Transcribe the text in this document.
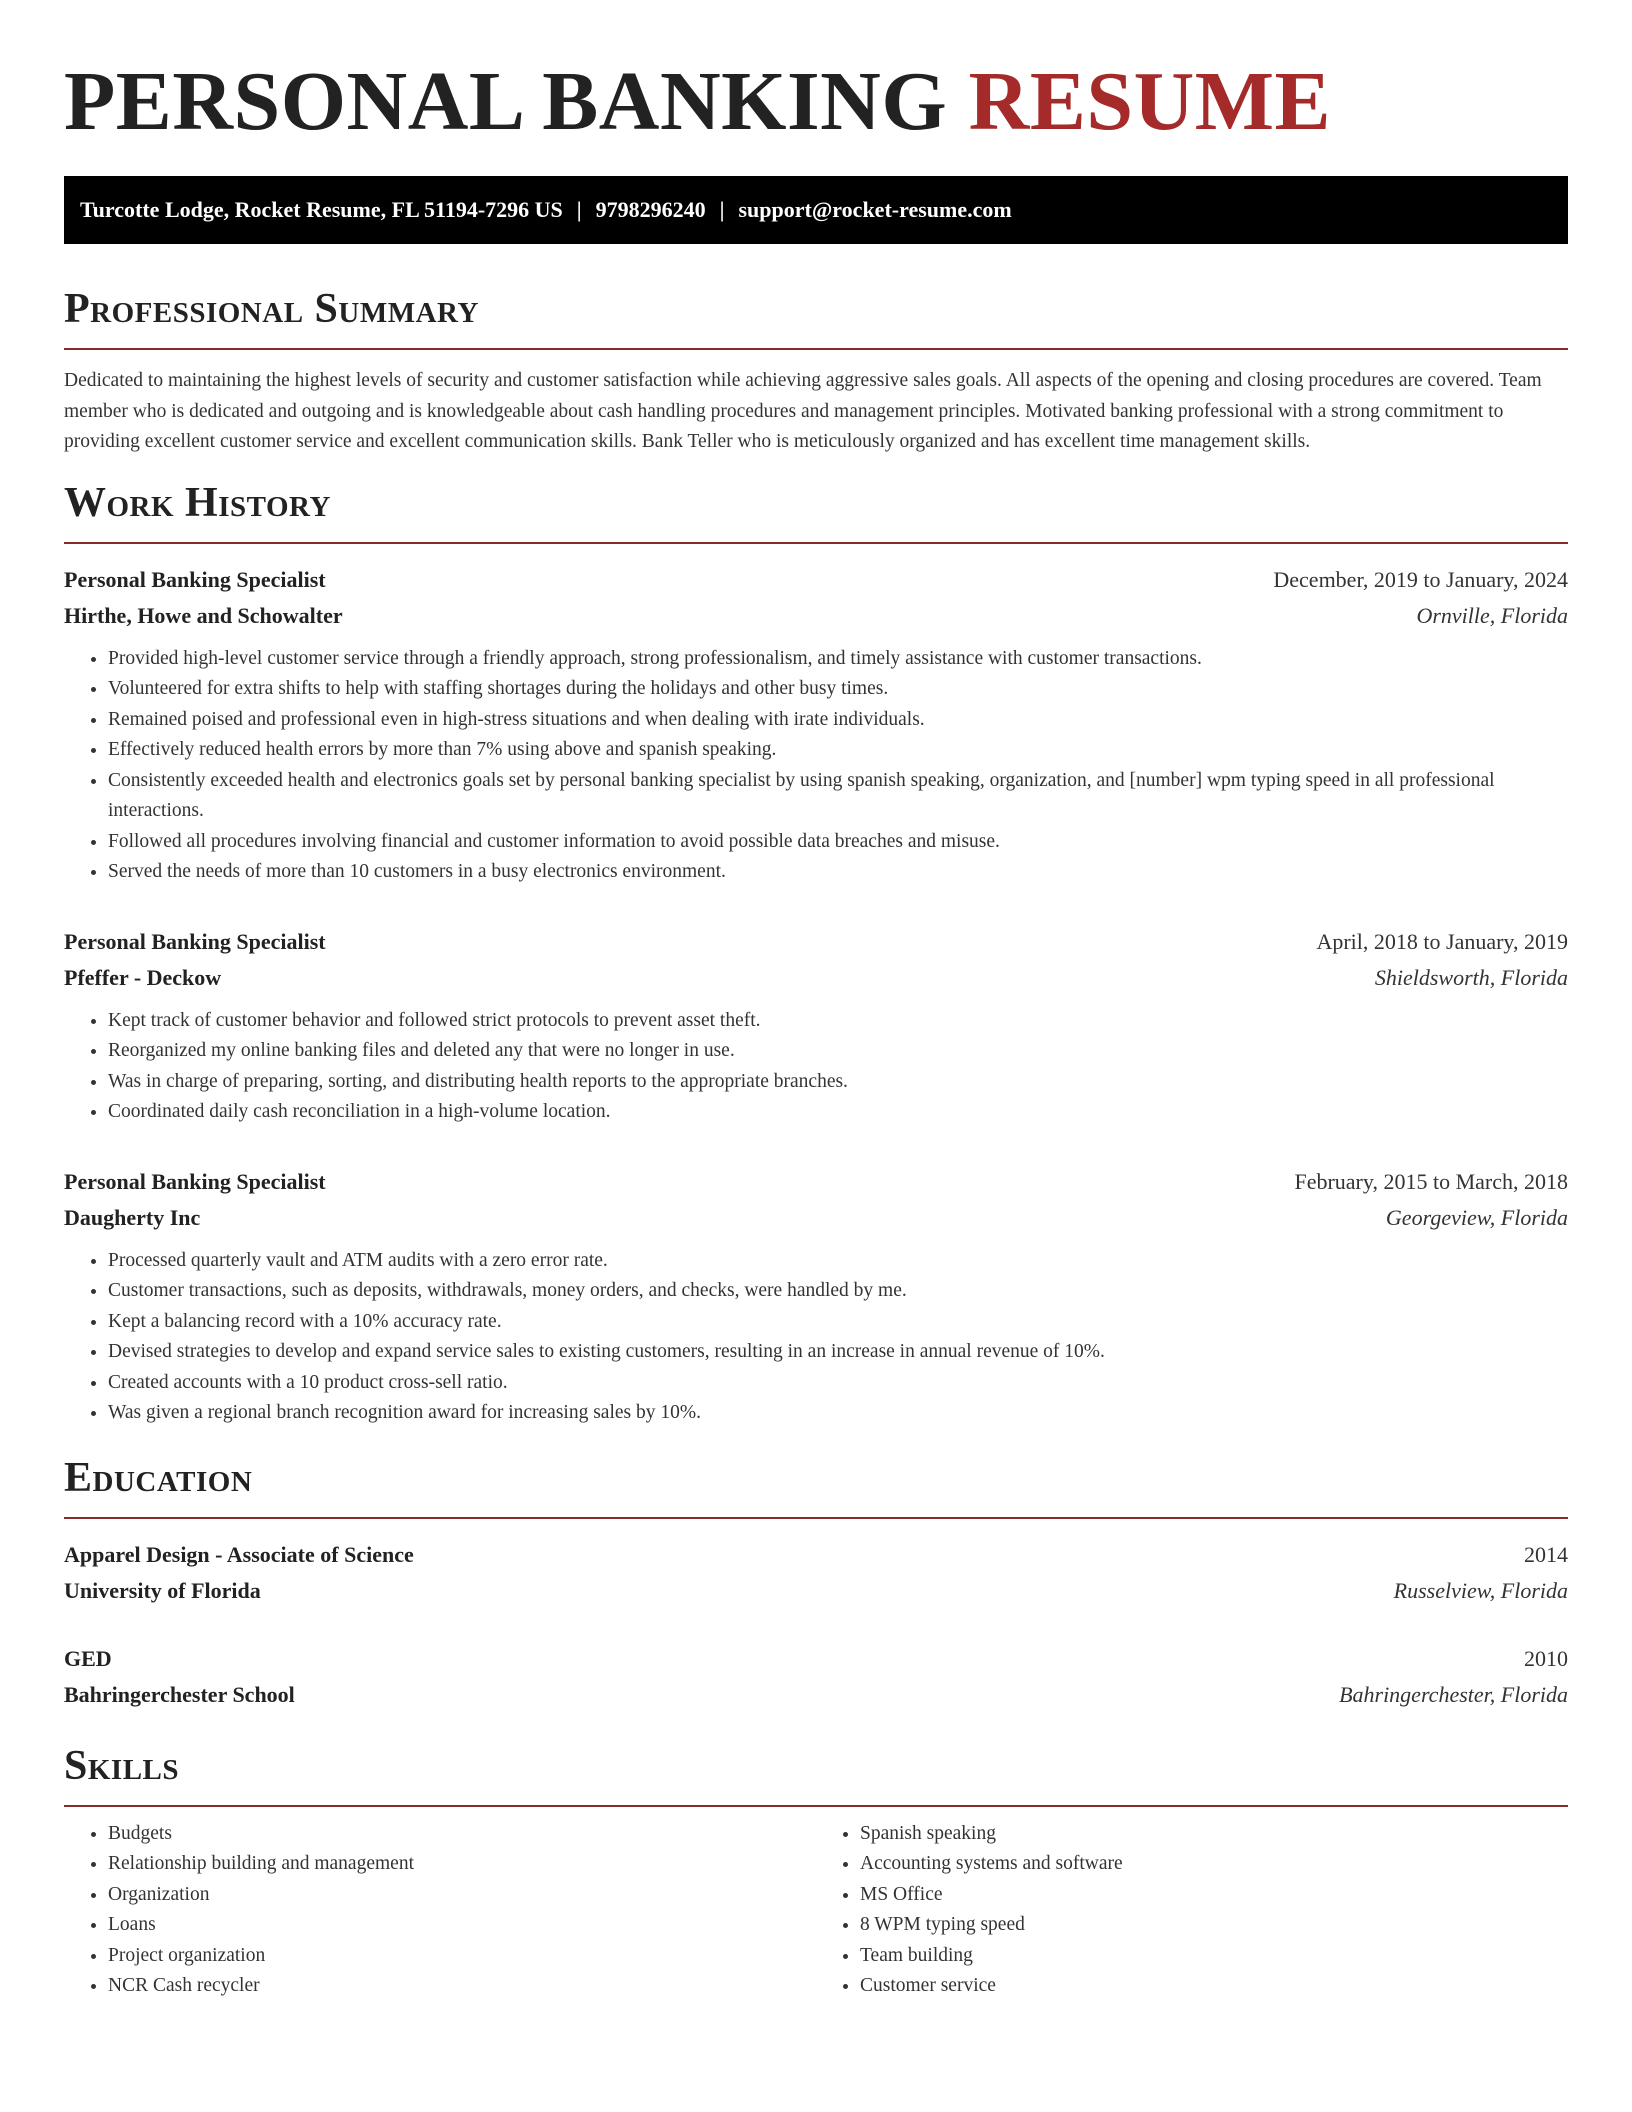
PERSONAL BANKING RESUME
Turcotte Lodge, Rocket Resume, FL 51194-7296 US | 9798296240 | support@rocket-resume.com
Professional Summary

Dedicated to maintaining the highest levels of security and customer satisfaction while achieving aggressive sales goals. All aspects of the opening and closing procedures are covered. Team member who is dedicated and outgoing and is knowledgeable about cash handling procedures and management principles. Motivated banking professional with a strong commitment to providing excellent customer service and excellent communication skills. Bank Teller who is meticulously organized and has excellent time management skills.

Work History
Personal Banking Specialist	December, 2019 to January, 2024
Hirthe, Howe and Schowalter	Ornville, Florida
• Provided high-level customer service through a friendly approach, strong professionalism, and timely assistance with customer transactions.
• Volunteered for extra shifts to help with staffing shortages during the holidays and other busy times.
• Remained poised and professional even in high-stress situations and when dealing with irate individuals.
• Effectively reduced health errors by more than 7% using above and spanish speaking.
• Consistently exceeded health and electronics goals set by personal banking specialist by using spanish speaking, organization, and [number] wpm typing speed in all professional interactions.
• Followed all procedures involving financial and customer information to avoid possible data breaches and misuse.
• Served the needs of more than 10 customers in a busy electronics environment.
Personal Banking Specialist	April, 2018 to January, 2019
Pfeffer - Deckow	Shieldsworth, Florida
• Kept track of customer behavior and followed strict protocols to prevent asset theft.
• Reorganized my online banking files and deleted any that were no longer in use.
• Was in charge of preparing, sorting, and distributing health reports to the appropriate branches.
• Coordinated daily cash reconciliation in a high-volume location.
Personal Banking Specialist	February, 2015 to March, 2018
Daugherty Inc	Georgeview, Florida
• Processed quarterly vault and ATM audits with a zero error rate.
• Customer transactions, such as deposits, withdrawals, money orders, and checks, were handled by me.
• Kept a balancing record with a 10% accuracy rate.
• Devised strategies to develop and expand service sales to existing customers, resulting in an increase in annual revenue of 10%.
• Created accounts with a 10 product cross-sell ratio.
• Was given a regional branch recognition award for increasing sales by 10%.
Education
Apparel Design - Associate of Science	2014
University of Florida	Russelview, Florida
GED	2010
Bahringerchester School	Bahringerchester, Florida
Skills
• Budgets
• Relationship building and management
• Organization
• Loans
• Project organization
• NCR Cash recycler
• Spanish speaking
• Accounting systems and software
• MS Office
• 8 WPM typing speed
• Team building
• Customer service
